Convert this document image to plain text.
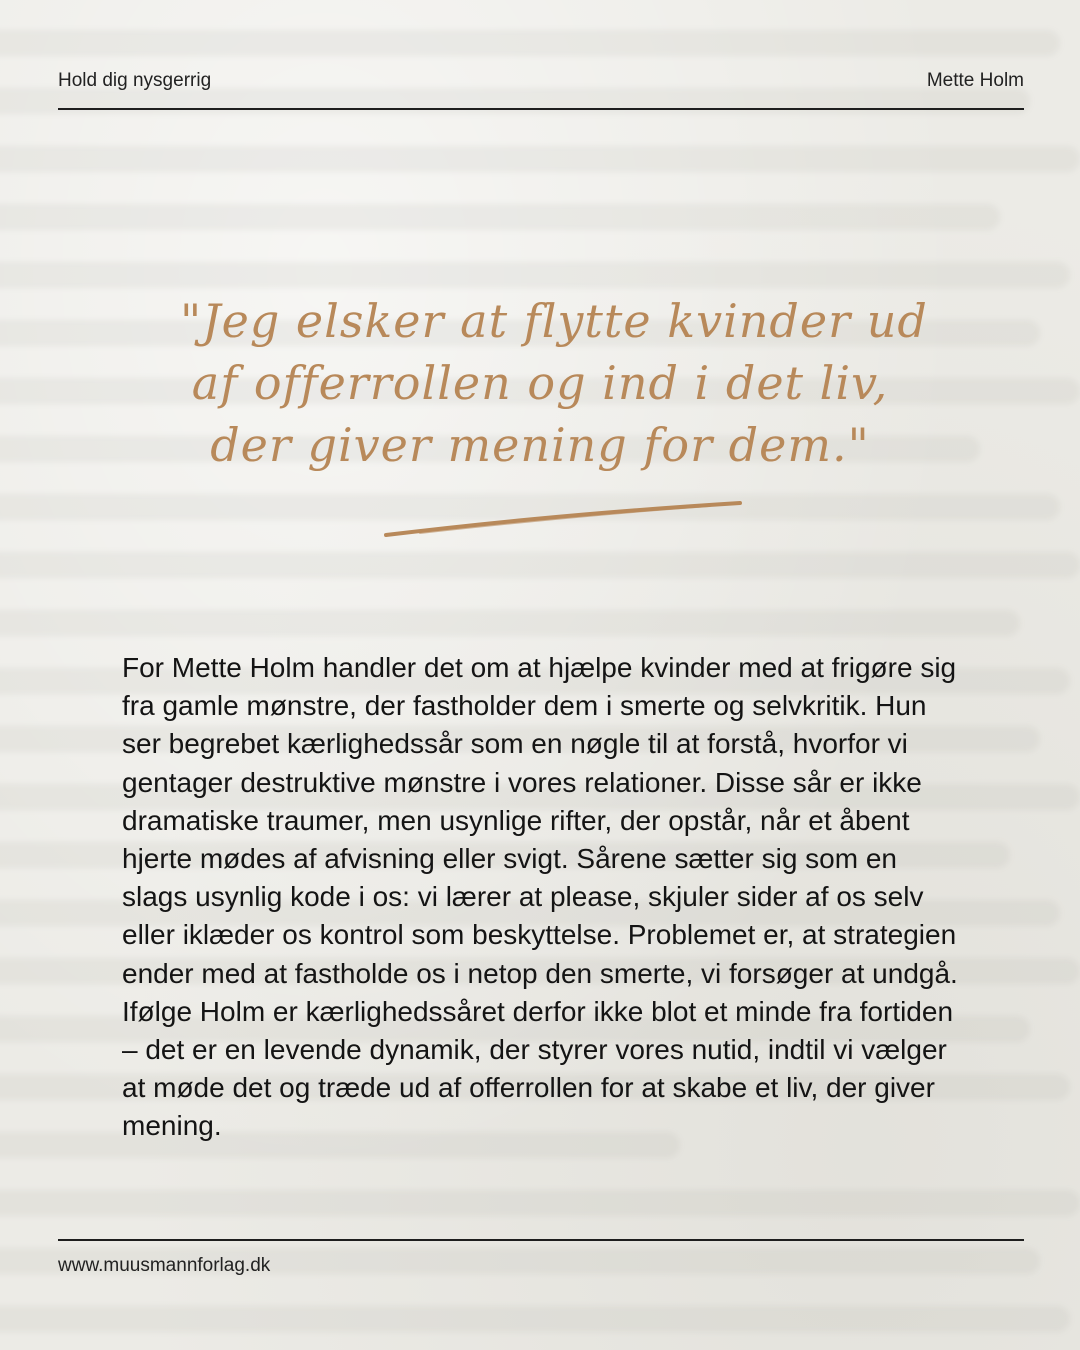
Hold dig nysgerrig	Mette Holm
"Jeg elsker at flytte kvinder ud
af offerrollen og ind i det liv,
der giver mening for dem."

For Mette Holm handler det om at hjælpe kvinder med at frigøre sig fra gamle mønstre, der fastholder dem i smerte og selvkritik. Hun ser begrebet kærlighedssår som en nøgle til at forstå, hvorfor vi gentager destruktive mønstre i vores relationer. Disse sår er ikke dramatiske traumer, men usynlige rifter, der opstår, når et åbent hjerte mødes af afvisning eller svigt. Sårene sætter sig som en slags usynlig kode i os: vi lærer at please, skjuler sider af os selv eller iklæder os kontrol som beskyttelse. Problemet er, at strategien ender med at fastholde os i netop den smerte, vi forsøger at undgå. Ifølge Holm er kærlighedssåret derfor ikke blot et minde fra fortiden – det er en levende dynamik, der styrer vores nutid, indtil vi vælger at møde det og træde ud af offerrollen for at skabe et liv, der giver mening.

www.muusmannforlag.dk
